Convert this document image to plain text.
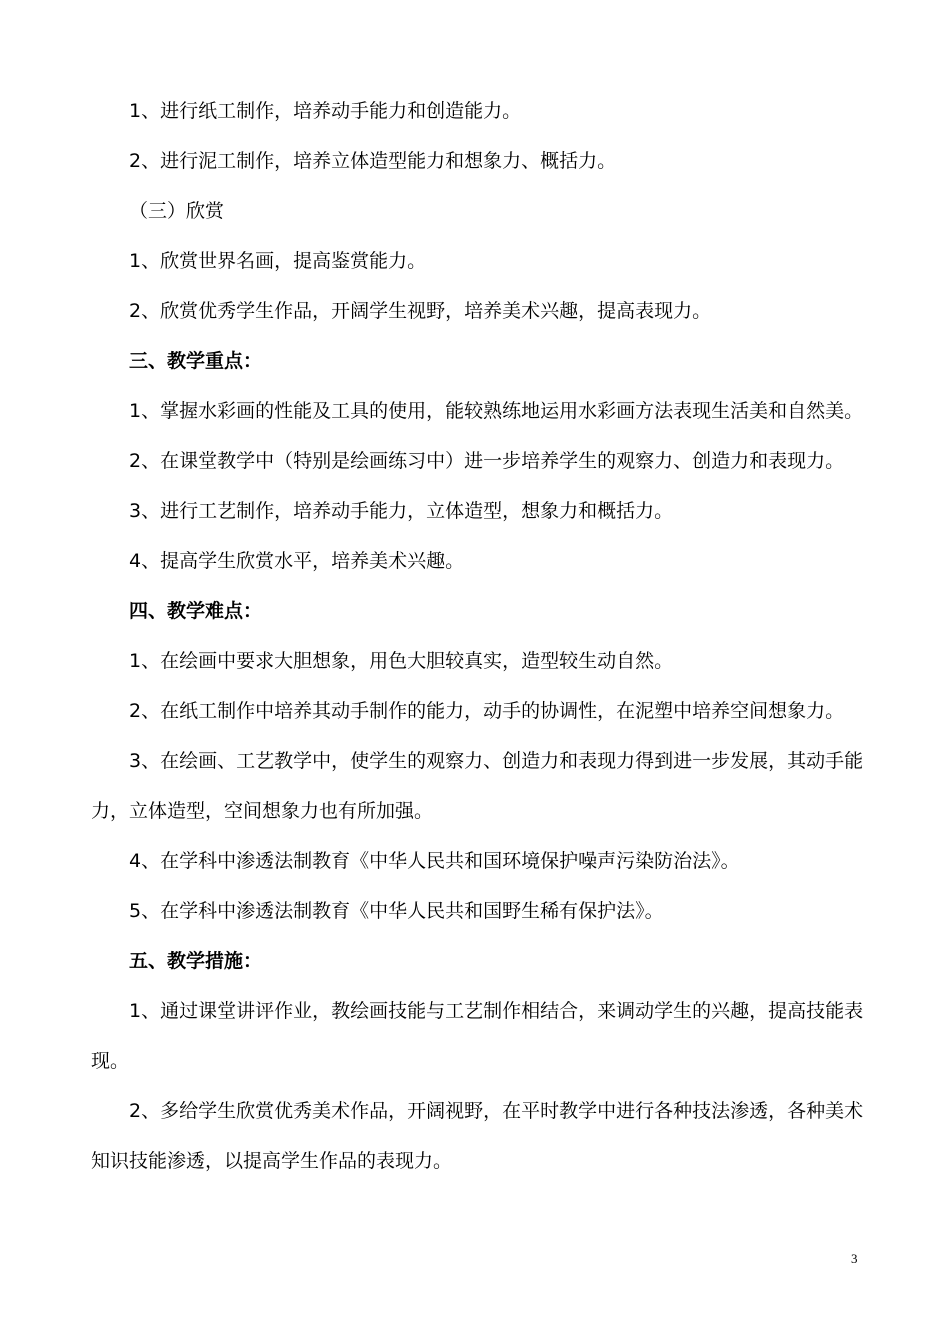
1、进行纸工制作，培养动手能力和创造能力。
2、进行泥工制作，培养立体造型能力和想象力、概括力。
（三）欣赏
1、欣赏世界名画，提高鉴赏能力。
2、欣赏优秀学生作品，开阔学生视野，培养美术兴趣，提高表现力。
三、教学重点：
1、掌握水彩画的性能及工具的使用，能较熟练地运用水彩画方法表现生活美和自然美。
2、在课堂教学中（特别是绘画练习中）进一步培养学生的观察力、创造力和表现力。
3、进行工艺制作，培养动手能力，立体造型，想象力和概括力。
4、提高学生欣赏水平，培养美术兴趣。
四、教学难点：
1、在绘画中要求大胆想象，用色大胆较真实，造型较生动自然。
2、在纸工制作中培养其动手制作的能力，动手的协调性，在泥塑中培养空间想象力。
3、在绘画、工艺教学中，使学生的观察力、创造力和表现力得到进一步发展，其动手能
力，立体造型，空间想象力也有所加强。
4、在学科中渗透法制教育《中华人民共和国环境保护噪声污染防治法》。
5、在学科中渗透法制教育《中华人民共和国野生稀有保护法》。
五、教学措施：
1、通过课堂讲评作业，教绘画技能与工艺制作相结合，来调动学生的兴趣，提高技能表
现。
2、多给学生欣赏优秀美术作品，开阔视野，在平时教学中进行各种技法渗透，各种美术
知识技能渗透，以提高学生作品的表现力。
3
